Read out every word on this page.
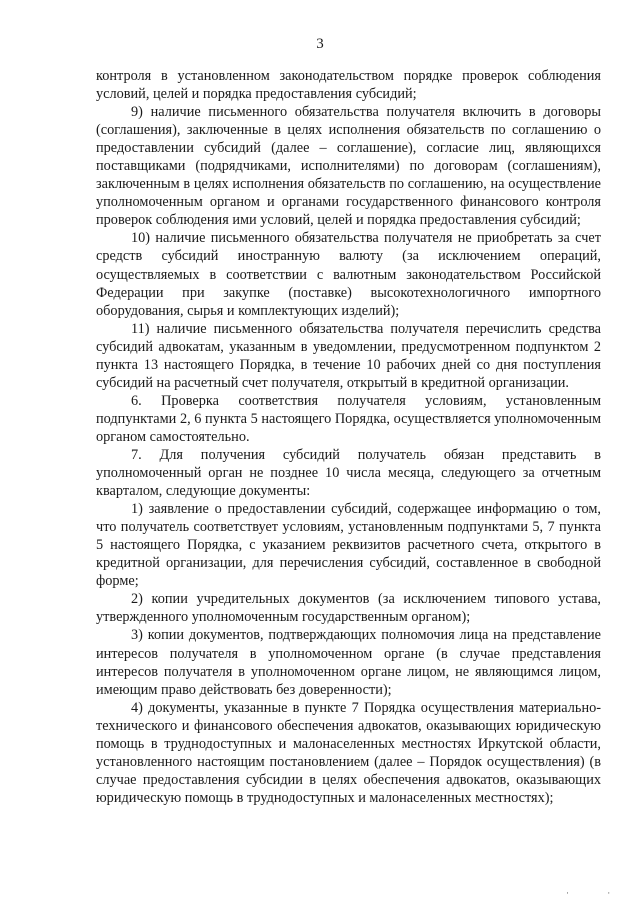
3

контроля в установленном законодательством порядке проверок соблюдения условий, целей и порядка предоставления субсидий;

9) наличие письменного обязательства получателя включить в договоры (соглашения), заключенные в целях исполнения обязательств по соглашению о предоставлении субсидий (далее – соглашение), согласие лиц, являющихся поставщиками (подрядчиками, исполнителями) по договорам (соглашениям), заключенным в целях исполнения обязательств по соглашению, на осуществление уполномоченным органом и органами государственного финансового контроля проверок соблюдения ими условий, целей и порядка предоставления субсидий;

10) наличие письменного обязательства получателя не приобретать за счет средств субсидий иностранную валюту (за исключением операций, осуществляемых в соответствии с валютным законодательством Российской Федерации при закупке (поставке) высокотехнологичного импортного оборудования, сырья и комплектующих изделий);

11) наличие письменного обязательства получателя перечислить средства субсидий адвокатам, указанным в уведомлении, предусмотренном подпунктом 2 пункта 13 настоящего Порядка, в течение 10 рабочих дней со дня поступления субсидий на расчетный счет получателя, открытый в кредитной организации.

6. Проверка соответствия получателя условиям, установленным подпунктами 2, 6 пункта 5 настоящего Порядка, осуществляется уполномоченным органом самостоятельно.

7. Для получения субсидий получатель обязан представить в уполномоченный орган не позднее 10 числа месяца, следующего за отчетным кварталом, следующие документы:

1) заявление о предоставлении субсидий, содержащее информацию о том, что получатель соответствует условиям, установленным подпунктами 5, 7 пункта 5 настоящего Порядка, с указанием реквизитов расчетного счета, открытого в кредитной организации, для перечисления субсидий, составленное в свободной форме;

2) копии учредительных документов (за исключением типового устава, утвержденного уполномоченным государственным органом);

3) копии документов, подтверждающих полномочия лица на представление интересов получателя в уполномоченном органе (в случае представления интересов получателя в уполномоченном органе лицом, не являющимся лицом, имеющим право действовать без доверенности);

4) документы, указанные в пункте 7 Порядка осуществления материально-технического и финансового обеспечения адвокатов, оказывающих юридическую помощь в труднодоступных и малонаселенных местностях Иркутской области, установленного настоящим постановлением (далее – Порядок осуществления) (в случае предоставления субсидии в целях обеспечения адвокатов, оказывающих юридическую помощь в труднодоступных и малонаселенных местностях);

· ·
